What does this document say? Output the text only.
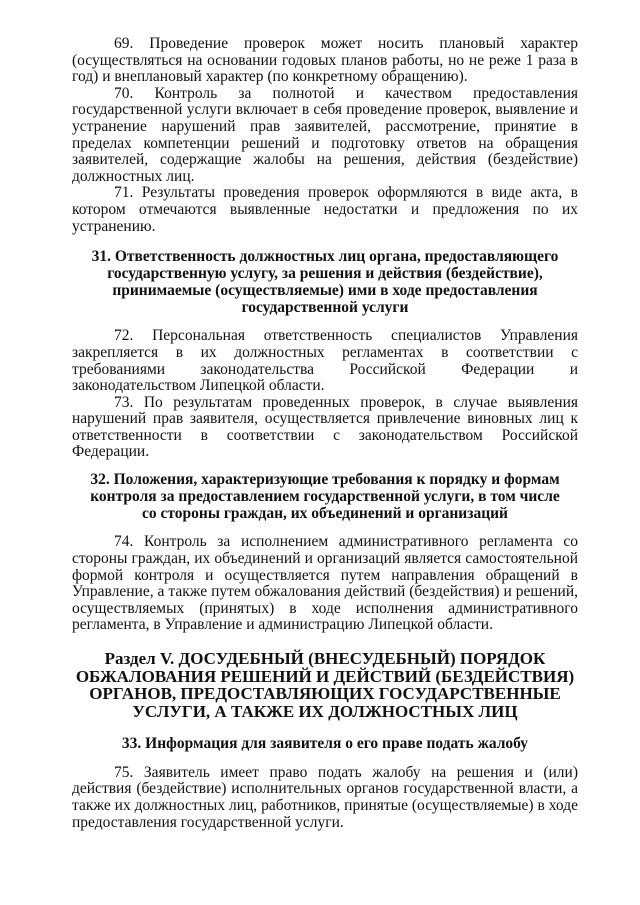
69. Проведение проверок может носить плановый характер (осуществляться на основании годовых планов работы, но не реже 1 раза в год) и внеплановый характер (по конкретному обращению).

70. Контроль за полнотой и качеством предоставления государственной услуги включает в себя проведение проверок, выявление и устранение нарушений прав заявителей, рассмотрение, принятие в пределах компетенции решений и подготовку ответов на обращения заявителей, содержащие жалобы на решения, действия (бездействие) должностных лиц.

71. Результаты проведения проверок оформляются в виде акта, в котором отмечаются выявленные недостатки и предложения по их устранению.

31. Ответственность должностных лиц органа, предоставляющего государственную услугу, за решения и действия (бездействие), принимаемые (осуществляемые) ими в ходе предоставления государственной услуги

72. Персональная ответственность специалистов Управления закрепляется в их должностных регламентах в соответствии с требованиями законодательства Российской Федерации и законодательством Липецкой области.

73. По результатам проведенных проверок, в случае выявления нарушений прав заявителя, осуществляется привлечение виновных лиц к ответственности в соответствии с законодательством Российской Федерации.

32. Положения, характеризующие требования к порядку и формам контроля за предоставлением государственной услуги, в том числе со стороны граждан, их объединений и организаций

74. Контроль за исполнением административного регламента со стороны граждан, их объединений и организаций является самостоятельной формой контроля и осуществляется путем направления обращений в Управление, а также путем обжалования действий (бездействия) и решений, осуществляемых (принятых) в ходе исполнения административного регламента, в Управление и администрацию Липецкой области.

Раздел V. ДОСУДЕБНЫЙ (ВНЕСУДЕБНЫЙ) ПОРЯДОК ОБЖАЛОВАНИЯ РЕШЕНИЙ И ДЕЙСТВИЙ (БЕЗДЕЙСТВИЯ) ОРГАНОВ, ПРЕДОСТАВЛЯЮЩИХ ГОСУДАРСТВЕННЫЕ УСЛУГИ, А ТАКЖЕ ИХ ДОЛЖНОСТНЫХ ЛИЦ
33. Информация для заявителя о его праве подать жалобу

75. Заявитель имеет право подать жалобу на решения и (или) действия (бездействие) исполнительных органов государственной власти, а также их должностных лиц, работников, принятые (осуществляемые) в ходе предоставления государственной услуги.
